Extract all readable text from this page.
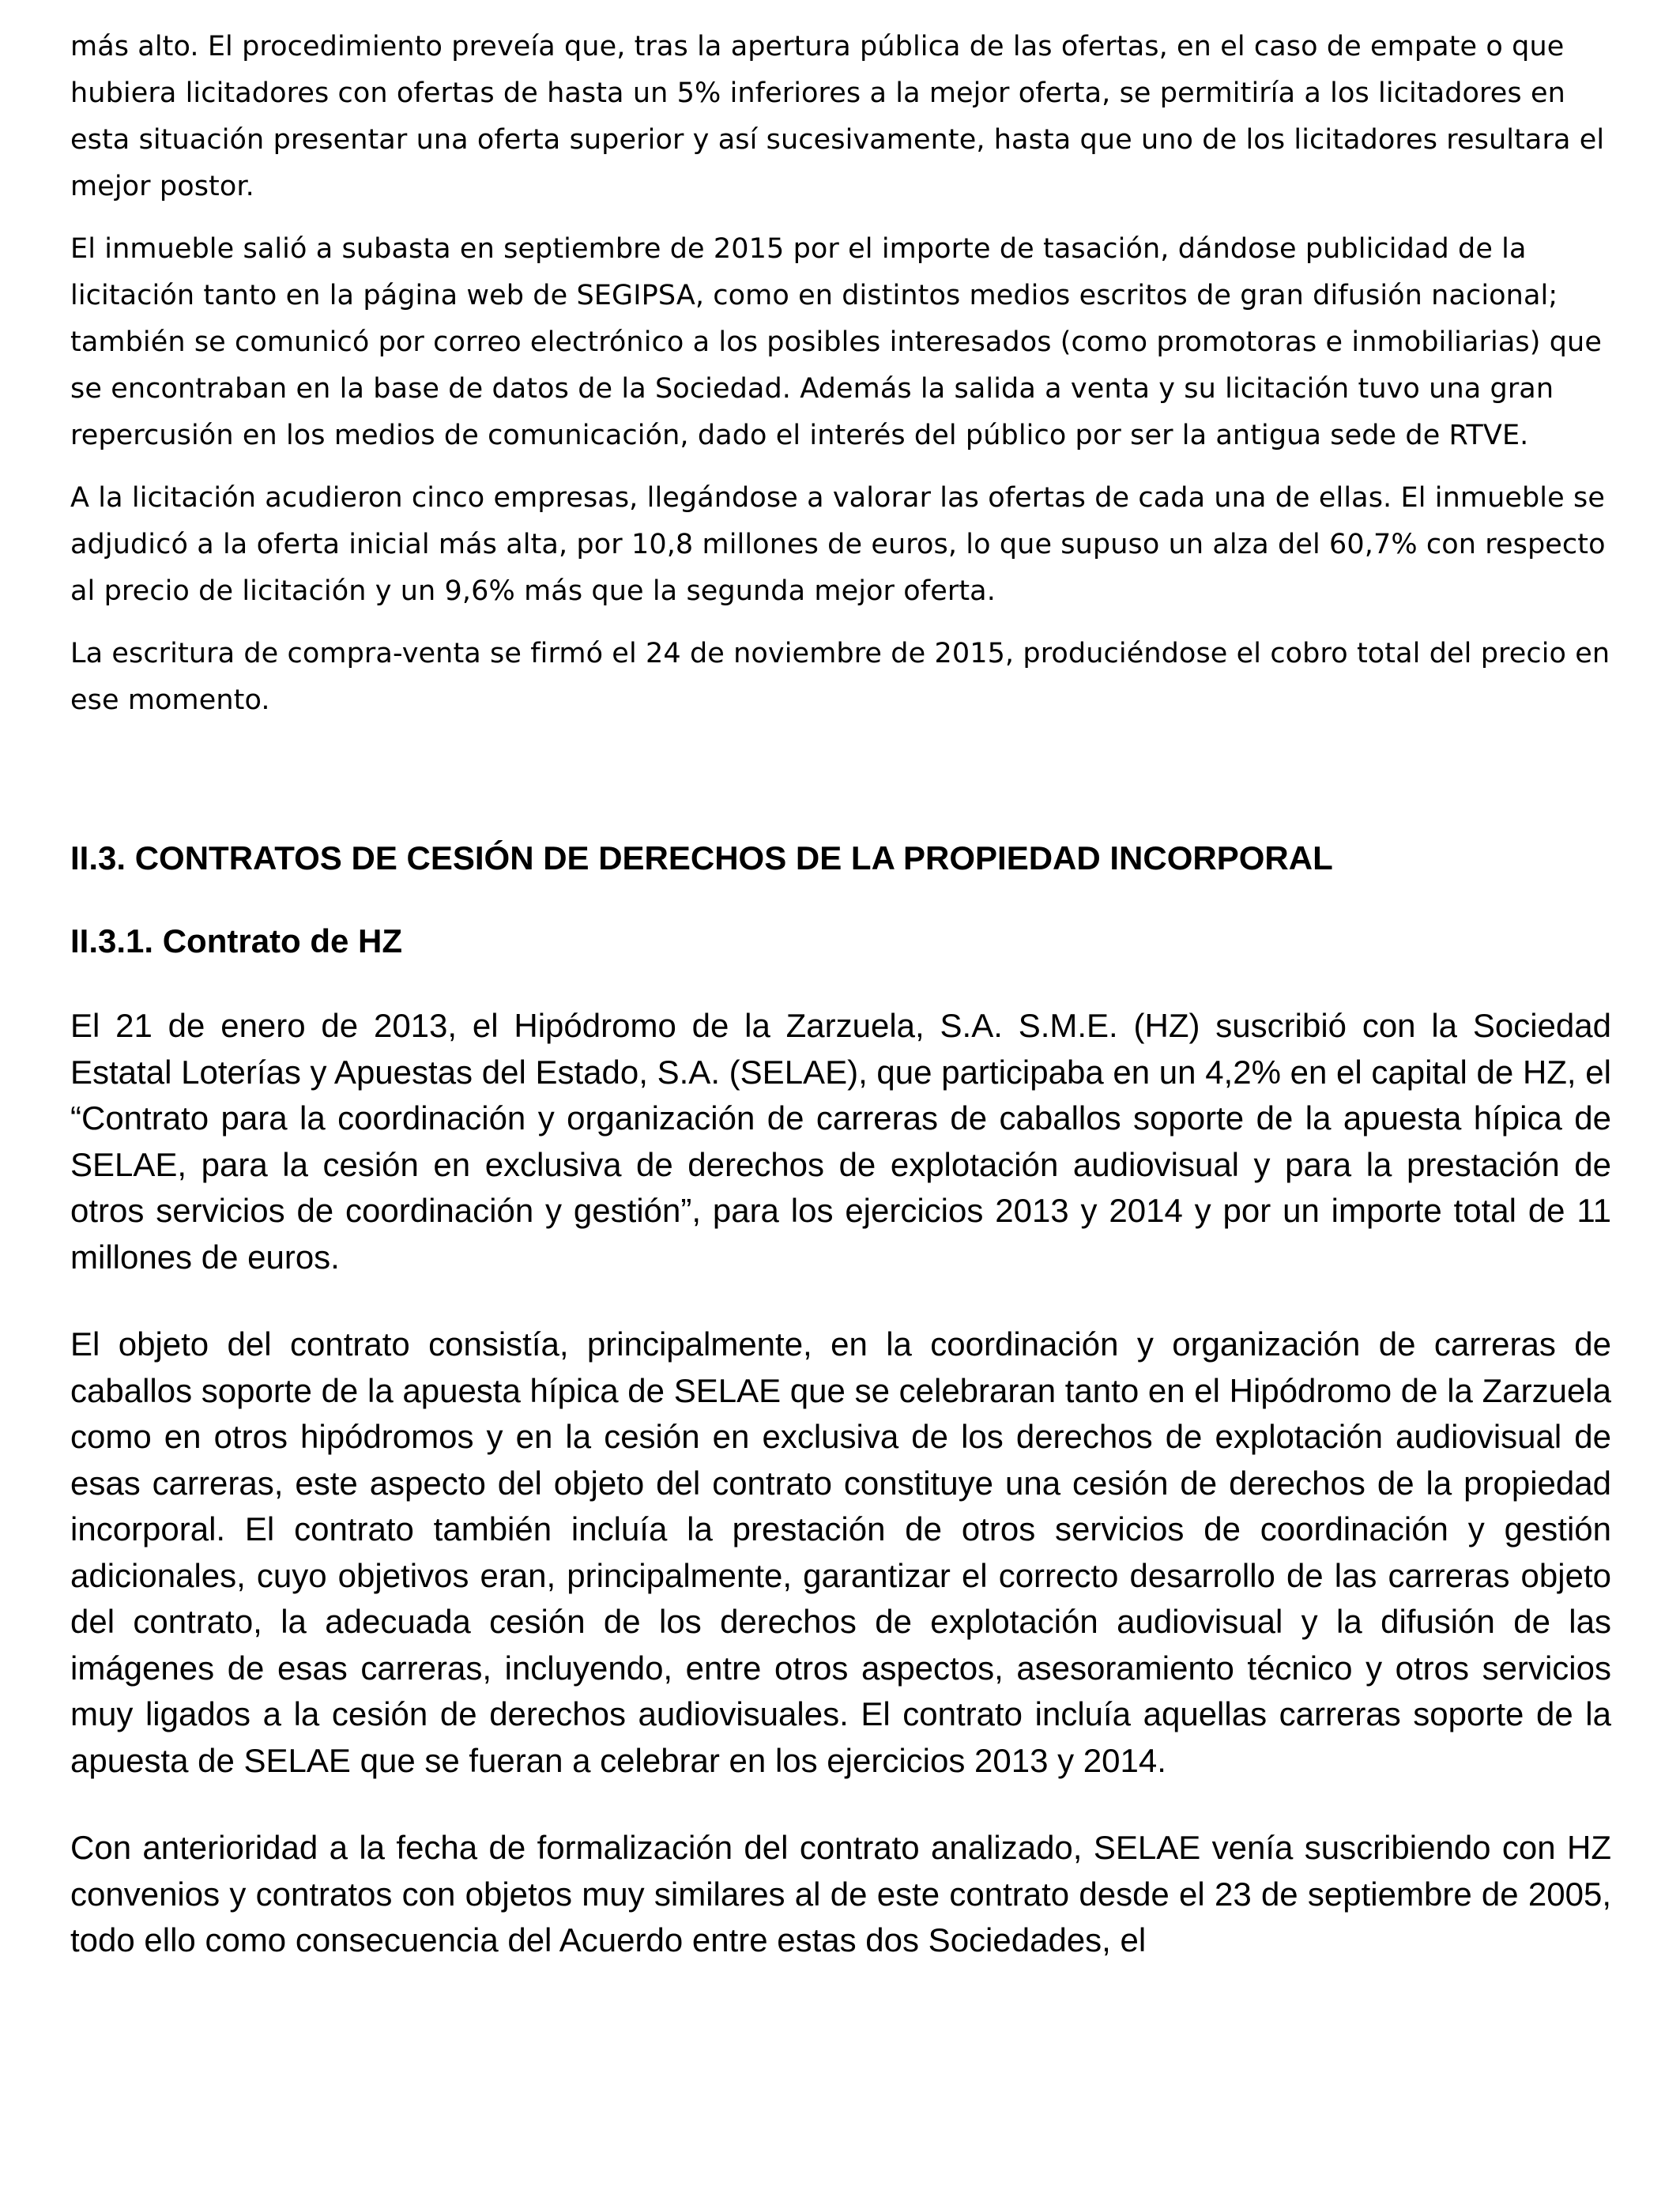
más alto. El procedimiento preveía que, tras la apertura pública de las ofertas, en el caso de empate o que hubiera licitadores con ofertas de hasta un 5% inferiores a la mejor oferta, se permitiría a los licitadores en esta situación presentar una oferta superior y así sucesivamente, hasta que uno de los licitadores resultara el mejor postor.

El inmueble salió a subasta en septiembre de 2015 por el importe de tasación, dándose publicidad de la licitación tanto en la página web de SEGIPSA, como en distintos medios escritos de gran difusión nacional; también se comunicó por correo electrónico a los posibles interesados (como promotoras e inmobiliarias) que se encontraban en la base de datos de la Sociedad. Además la salida a venta y su licitación tuvo una gran repercusión en los medios de comunicación, dado el interés del público por ser la antigua sede de RTVE.

A la licitación acudieron cinco empresas, llegándose a valorar las ofertas de cada una de ellas. El inmueble se adjudicó a la oferta inicial más alta, por 10,8 millones de euros, lo que supuso un alza del 60,7% con respecto al precio de licitación y un 9,6% más que la segunda mejor oferta.

La escritura de compra-venta se firmó el 24 de noviembre de 2015, produciéndose el cobro total del precio en ese momento.

II.3. CONTRATOS DE CESIÓN DE DERECHOS DE LA PROPIEDAD INCORPORAL
II.3.1. Contrato de HZ

El 21 de enero de 2013, el Hipódromo de la Zarzuela, S.A. S.M.E. (HZ) suscribió con la Sociedad Estatal Loterías y Apuestas del Estado, S.A. (SELAE), que participaba en un 4,2% en el capital de HZ, el “Contrato para la coordinación y organización de carreras de caballos soporte de la apuesta hípica de SELAE, para la cesión en exclusiva de derechos de explotación audiovisual y para la prestación de otros servicios de coordinación y gestión”, para los ejercicios 2013 y 2014 y por un importe total de 11 millones de euros.

El objeto del contrato consistía, principalmente, en la coordinación y organización de carreras de caballos soporte de la apuesta hípica de SELAE que se celebraran tanto en el Hipódromo de la Zarzuela como en otros hipódromos y en la cesión en exclusiva de los derechos de explotación audiovisual de esas carreras, este aspecto del objeto del contrato constituye una cesión de derechos de la propiedad incorporal. El contrato también incluía la prestación de otros servicios de coordinación y gestión adicionales, cuyo objetivos eran, principalmente, garantizar el correcto desarrollo de las carreras objeto del contrato, la adecuada cesión de los derechos de explotación audiovisual y la difusión de las imágenes de esas carreras, incluyendo, entre otros aspectos, asesoramiento técnico y otros servicios muy ligados a la cesión de derechos audiovisuales. El contrato incluía aquellas carreras soporte de la apuesta de SELAE que se fueran a celebrar en los ejercicios 2013 y 2014.

Con anterioridad a la fecha de formalización del contrato analizado, SELAE venía suscribiendo con HZ convenios y contratos con objetos muy similares al de este contrato desde el 23 de septiembre de 2005, todo ello como consecuencia del Acuerdo entre estas dos Sociedades, el
